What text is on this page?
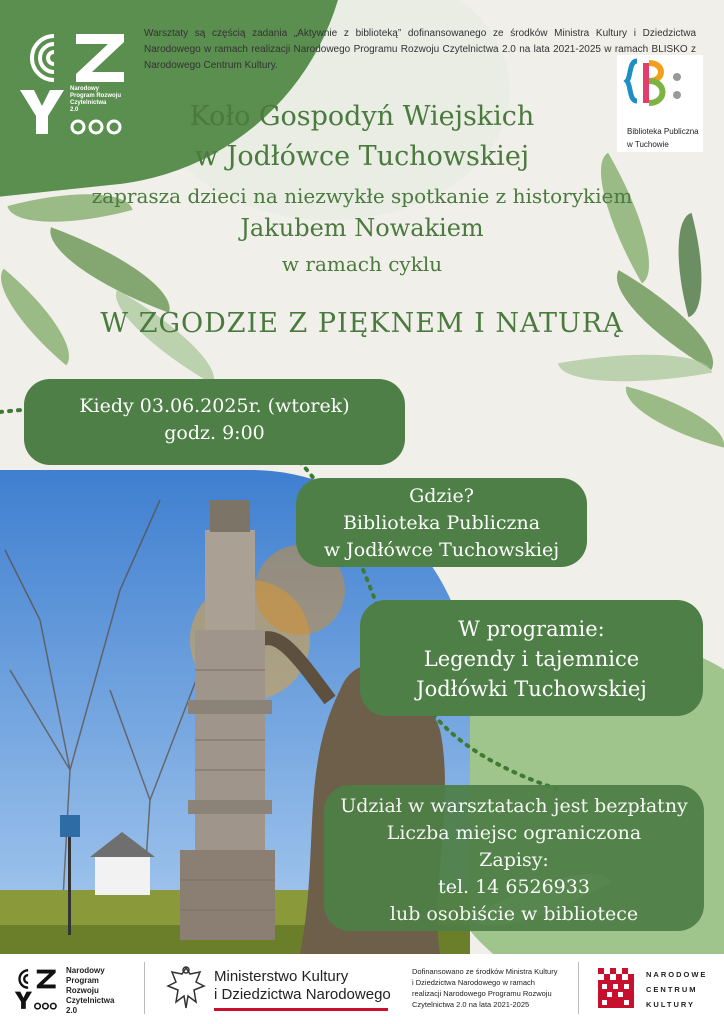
Warsztaty są częścią zadania „Aktywnie z biblioteką” dofinansowanego ze środków Ministra Kultury i Dziedzictwa Narodowego w ramach realizacji Narodowego Programu Rozwoju Czytelnictwa 2.0 na lata 2021-2025 w ramach BLISKO z Narodowego Centrum Kultury.
Narodowy
Program Rozwoju
Czytelnictwa
2.0
Biblioteka Publiczna
w Tuchowie
Koło Gospodyń Wiejskich
w Jodłówce Tuchowskiej
zaprasza dzieci na niezwykłe spotkanie z historykiem
Jakubem Nowakiem
w ramach cyklu
W ZGODZIE Z PIĘKNEM I NATURĄ
Kiedy 03.06.2025r. (wtorek)
godz. 9:00
Gdzie?
Biblioteka Publiczna
w Jodłówce Tuchowskiej
W programie:
Legendy i tajemnice
Jodłówki Tuchowskiej
Udział w warsztatach jest bezpłatny
Liczba miejsc ograniczona
Zapisy:
tel. 14 6526933
lub osobiście w bibliotece
Narodowy
Program
Rozwoju
Czytelnictwa
2.0
Ministerstwo Kultury
i Dziedzictwa Narodowego
Dofinansowano ze środków Ministra Kultury
i Dziedzictwa Narodowego w ramach
realizacji Narodowego Programu Rozwoju
Czytelnictwa 2.0 na lata 2021-2025
NARODOWE
CENTRUM
KULTURY
